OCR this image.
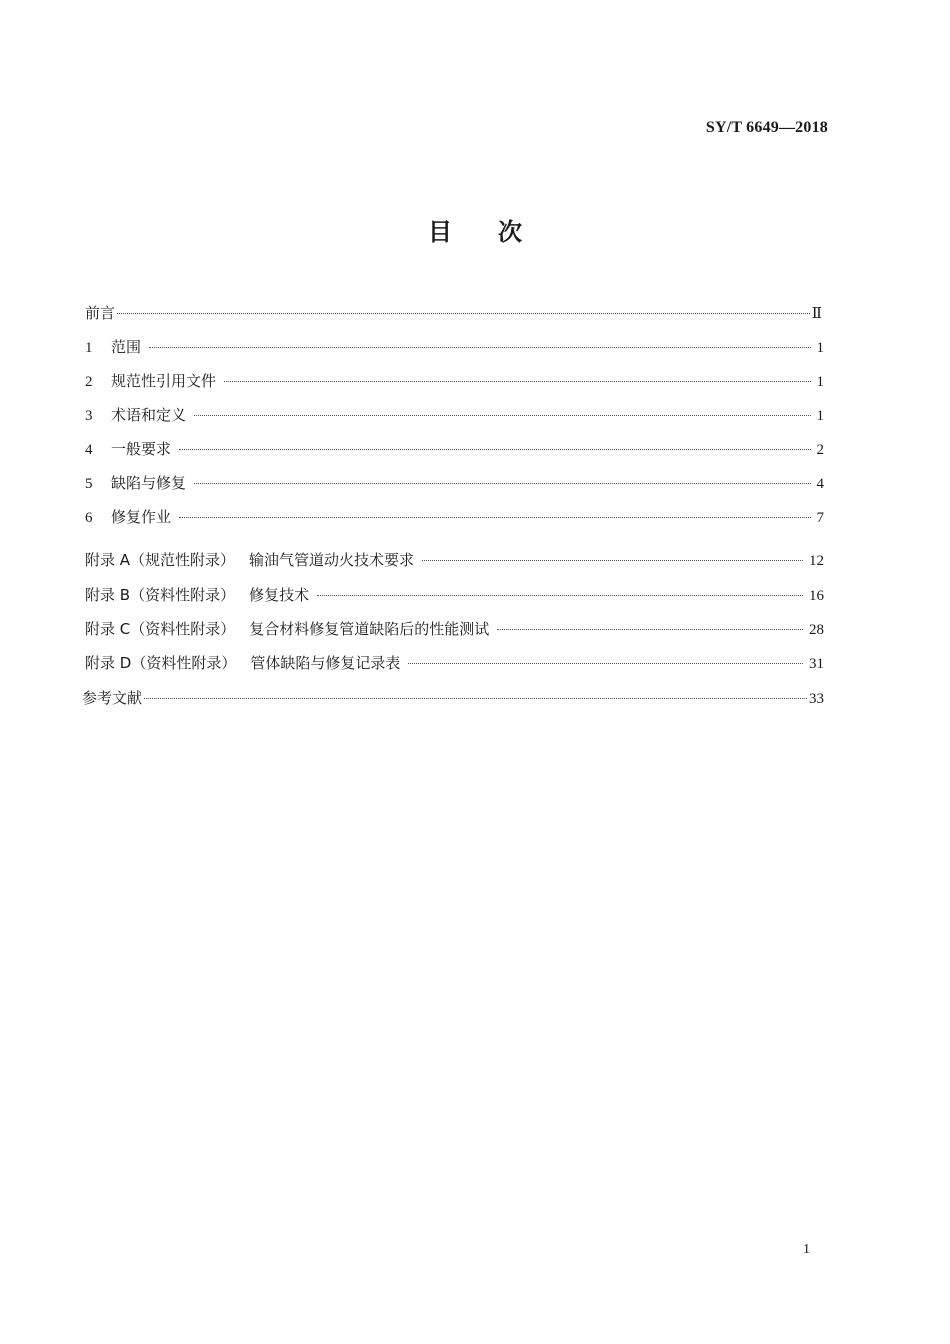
SY/T 6649—2018
目 次
前言	Ⅱ
1	范围	1
2	规范性引用文件	1
3	术语和定义	1
4	一般要求	2
5	缺陷与修复	4
6	修复作业	7
附录 A （规范性附录） 输油气管道动火技术要求	12
附录 B （资料性附录） 修复技术	16
附录 C （资料性附录） 复合材料修复管道缺陷后的性能测试	28
附录 D （资料性附录） 管体缺陷与修复记录表	31
参考文献	33
1
